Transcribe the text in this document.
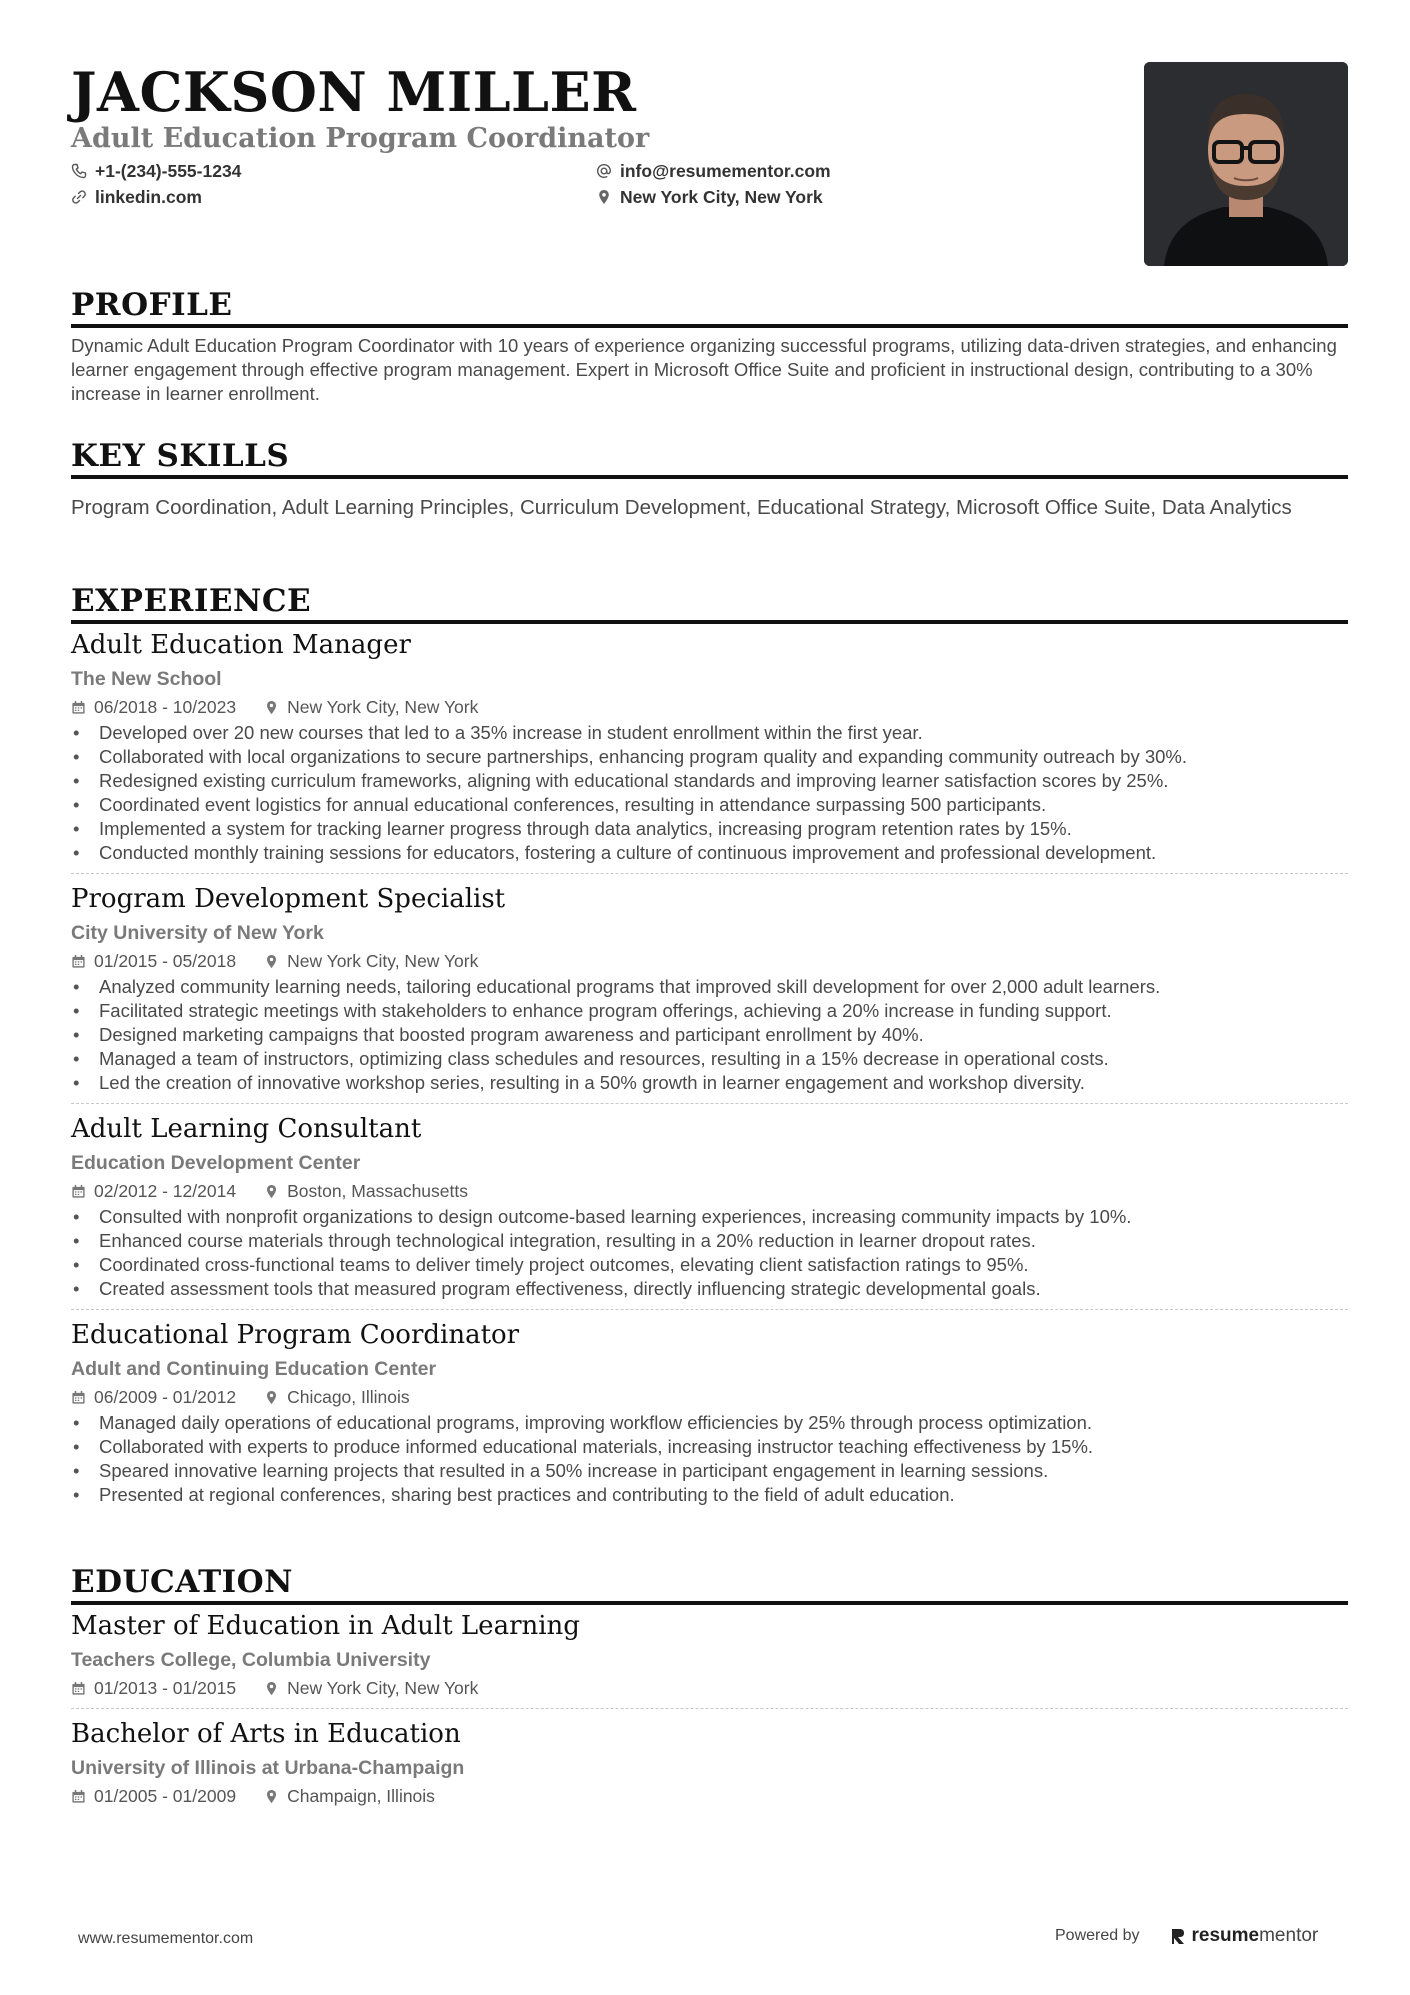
JACKSON MILLER
Adult Education Program Coordinator
+1-(234)-555-1234	info@resumementor.com
linkedin.com	New York City, New York
PROFILE
Dynamic Adult Education Program Coordinator with 10 years of experience organizing successful programs, utilizing data-driven strategies, and enhancing learner engagement through effective program management. Expert in Microsoft Office Suite and proficient in instructional design, contributing to a 30% increase in learner enrollment.
KEY SKILLS
Program Coordination, Adult Learning Principles, Curriculum Development, Educational Strategy, Microsoft Office Suite, Data Analytics
EXPERIENCE
Adult Education Manager
The New School
06/2018 - 10/2023	New York City, New York
• Developed over 20 new courses that led to a 35% increase in student enrollment within the first year.
• Collaborated with local organizations to secure partnerships, enhancing program quality and expanding community outreach by 30%.
• Redesigned existing curriculum frameworks, aligning with educational standards and improving learner satisfaction scores by 25%.
• Coordinated event logistics for annual educational conferences, resulting in attendance surpassing 500 participants.
• Implemented a system for tracking learner progress through data analytics, increasing program retention rates by 15%.
• Conducted monthly training sessions for educators, fostering a culture of continuous improvement and professional development.
Program Development Specialist
City University of New York
01/2015 - 05/2018	New York City, New York
• Analyzed community learning needs, tailoring educational programs that improved skill development for over 2,000 adult learners.
• Facilitated strategic meetings with stakeholders to enhance program offerings, achieving a 20% increase in funding support.
• Designed marketing campaigns that boosted program awareness and participant enrollment by 40%.
• Managed a team of instructors, optimizing class schedules and resources, resulting in a 15% decrease in operational costs.
• Led the creation of innovative workshop series, resulting in a 50% growth in learner engagement and workshop diversity.
Adult Learning Consultant
Education Development Center
02/2012 - 12/2014	Boston, Massachusetts
• Consulted with nonprofit organizations to design outcome-based learning experiences, increasing community impacts by 10%.
• Enhanced course materials through technological integration, resulting in a 20% reduction in learner dropout rates.
• Coordinated cross-functional teams to deliver timely project outcomes, elevating client satisfaction ratings to 95%.
• Created assessment tools that measured program effectiveness, directly influencing strategic developmental goals.
Educational Program Coordinator
Adult and Continuing Education Center
06/2009 - 01/2012	Chicago, Illinois
• Managed daily operations of educational programs, improving workflow efficiencies by 25% through process optimization.
• Collaborated with experts to produce informed educational materials, increasing instructor teaching effectiveness by 15%.
• Speared innovative learning projects that resulted in a 50% increase in participant engagement in learning sessions.
• Presented at regional conferences, sharing best practices and contributing to the field of adult education.
EDUCATION
Master of Education in Adult Learning
Teachers College, Columbia University
01/2013 - 01/2015	New York City, New York
Bachelor of Arts in Education
University of Illinois at Urbana-Champaign
01/2005 - 01/2009	Champaign, Illinois
www.resumementor.com	Powered by	resume mentor
